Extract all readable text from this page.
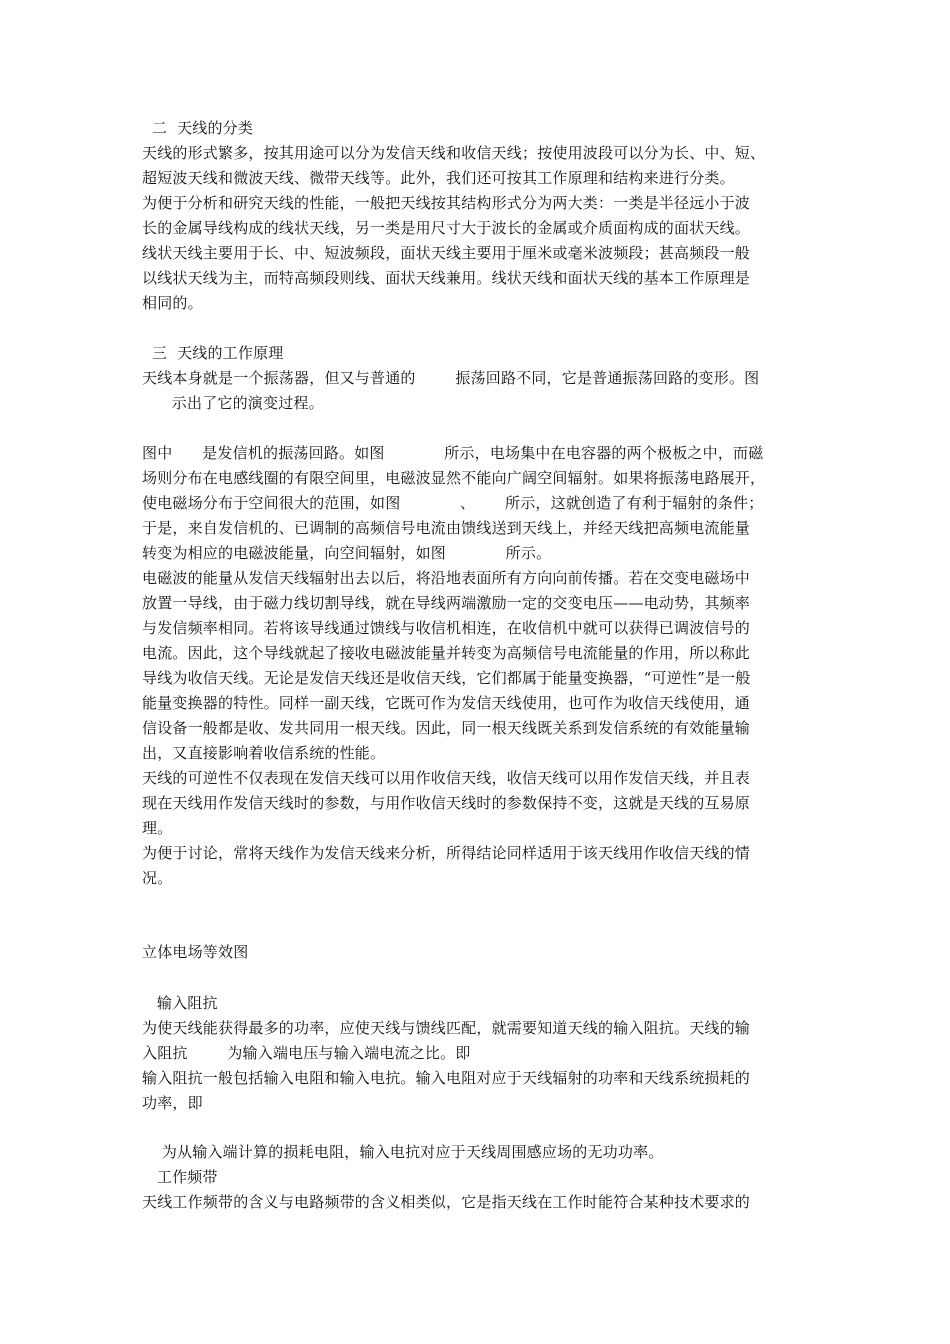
二  天线的分类
天线的形式繁多，按其用途可以分为发信天线和收信天线；按使用波段可以分为长、中、短、
超短波天线和微波天线、微带天线等。此外，我们还可按其工作原理和结构来进行分类。
为便于分析和研究天线的性能，一般把天线按其结构形式分为两大类：一类是半径远小于波
长的金属导线构成的线状天线，另一类是用尺寸大于波长的金属或介质面构成的面状天线。
线状天线主要用于长、中、短波频段，面状天线主要用于厘米或毫米波频段；甚高频段一般
以线状天线为主，而特高频段则线、面状天线兼用。线状天线和面状天线的基本工作原理是
相同的。
三  天线的工作原理
天线本身就是一个振荡器，但又与普通的        振荡回路不同，它是普通振荡回路的变形。图
示出了它的演变过程。
图中      是发信机的振荡回路。如图            所示，电场集中在电容器的两个极板之中，而磁
场则分布在电感线圈的有限空间里，电磁波显然不能向广阔空间辐射。如果将振荡电路展开，
使电磁场分布于空间很大的范围，如图            、      所示，这就创造了有利于辐射的条件；
于是，来自发信机的、已调制的高频信号电流由馈线送到天线上，并经天线把高频电流能量
转变为相应的电磁波能量，向空间辐射，如图            所示。
电磁波的能量从发信天线辐射出去以后，将沿地表面所有方向向前传播。若在交变电磁场中
放置一导线，由于磁力线切割导线，就在导线两端激励一定的交变电压——电动势，其频率
与发信频率相同。若将该导线通过馈线与收信机相连，在收信机中就可以获得已调波信号的
电流。因此，这个导线就起了接收电磁波能量并转变为高频信号电流能量的作用，所以称此
导线为收信天线。无论是发信天线还是收信天线，它们都属于能量变换器，“可逆性”是一般
能量变换器的特性。同样一副天线，它既可作为发信天线使用，也可作为收信天线使用，通
信设备一般都是收、发共同用一根天线。因此，同一根天线既关系到发信系统的有效能量输
出，又直接影响着收信系统的性能。
天线的可逆性不仅表现在发信天线可以用作收信天线，收信天线可以用作发信天线，并且表
现在天线用作发信天线时的参数，与用作收信天线时的参数保持不变，这就是天线的互易原
理。
为便于讨论，常将天线作为发信天线来分析，所得结论同样适用于该天线用作收信天线的情
况。
立体电场等效图
输入阻抗
为使天线能获得最多的功率，应使天线与馈线匹配，就需要知道天线的输入阻抗。天线的输
入阻抗        为输入端电压与输入端电流之比。即
输入阻抗一般包括输入电阻和输入电抗。输入电阻对应于天线辐射的功率和天线系统损耗的
功率，即
为从输入端计算的损耗电阻，输入电抗对应于天线周围感应场的无功功率。
工作频带
天线工作频带的含义与电路频带的含义相类似，它是指天线在工作时能符合某种技术要求的
